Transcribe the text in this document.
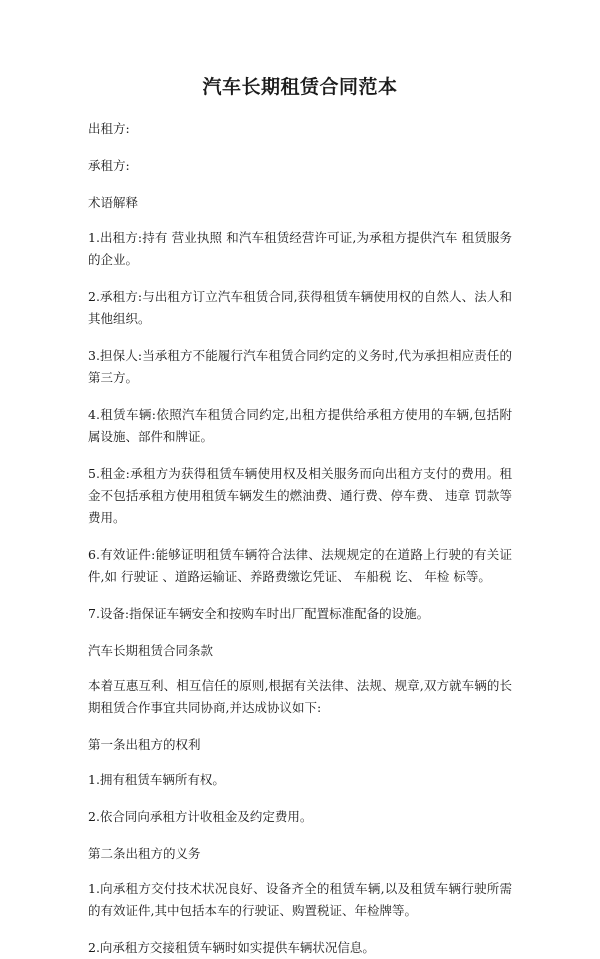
汽车长期租赁合同范本

出租方:

承租方:

术语解释

1.出租方:持有 营业执照 和汽车租赁经营许可证,为承租方提供汽车 租赁服务 的企业。

2.承租方:与出租方订立汽车租赁合同,获得租赁车辆使用权的自然人、法人和其他组织。

3.担保人:当承租方不能履行汽车租赁合同约定的义务时,代为承担相应责任的第三方。

4.租赁车辆:依照汽车租赁合同约定,出租方提供给承租方使用的车辆,包括附属设施、部件和牌证。

5.租金:承租方为获得租赁车辆使用权及相关服务而向出租方支付的费用。租金不包括承租方使用租赁车辆发生的燃油费、通行费、停车费、 违章 罚款等费用。

6.有效证件:能够证明租赁车辆符合法律、法规规定的在道路上行驶的有关证件,如 行驶证 、道路运输证、养路费缴讫凭证、 车船税 讫、 年检 标等。

7.设备:指保证车辆安全和按购车时出厂配置标准配备的设施。

汽车长期租赁合同条款

本着互惠互利、相互信任的原则,根据有关法律、法规、规章,双方就车辆的长期租赁合作事宜共同协商,并达成协议如下:

第一条出租方的权利

1.拥有租赁车辆所有权。

2.依合同向承租方计收租金及约定费用。

第二条出租方的义务

1.向承租方交付技术状况良好、设备齐全的租赁车辆,以及租赁车辆行驶所需的有效证件,其中包括本车的行驶证、购置税证、年检牌等。

2.向承租方交接租赁车辆时如实提供车辆状况信息。
